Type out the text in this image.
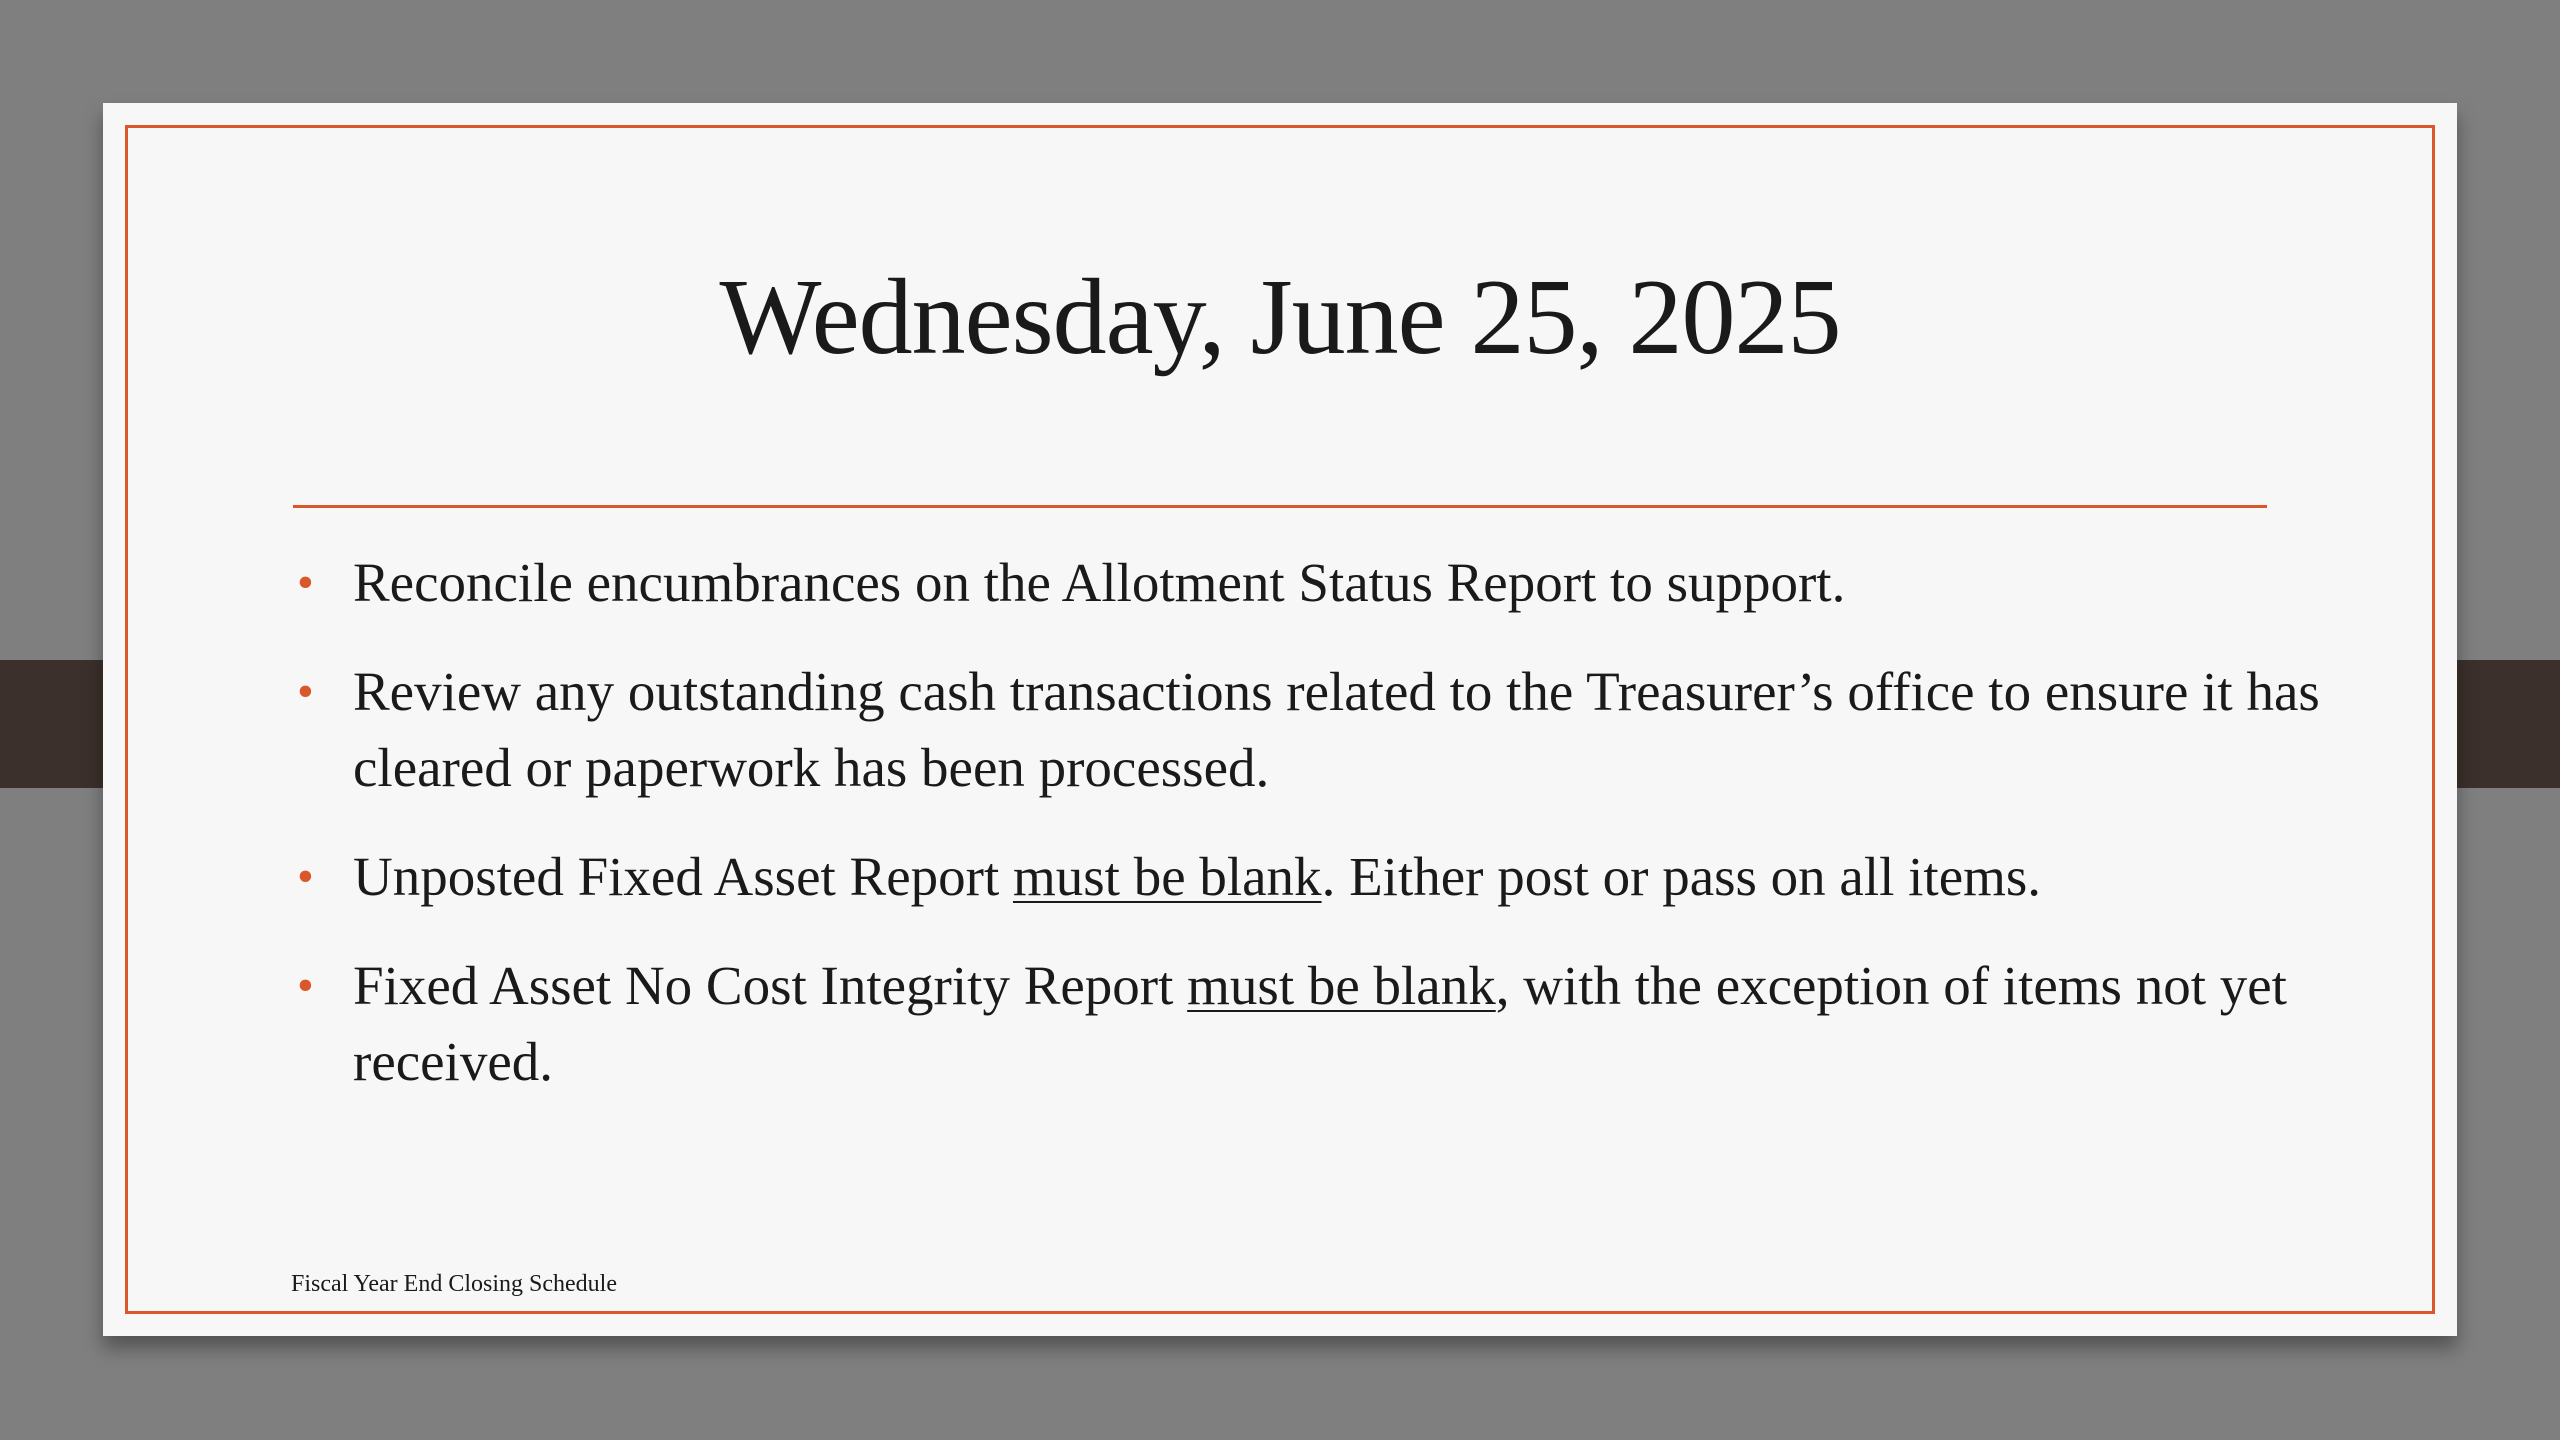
Wednesday, June 25, 2025
• Reconcile encumbrances on the Allotment Status Report to support.
• Review any outstanding cash transactions related to the Treasurer’s office to ensure it has cleared or paperwork has been processed.
• Unposted Fixed Asset Report must be blank. Either post or pass on all items.
• Fixed Asset No Cost Integrity Report must be blank, with the exception of items not yet received.
Fiscal Year End Closing Schedule
